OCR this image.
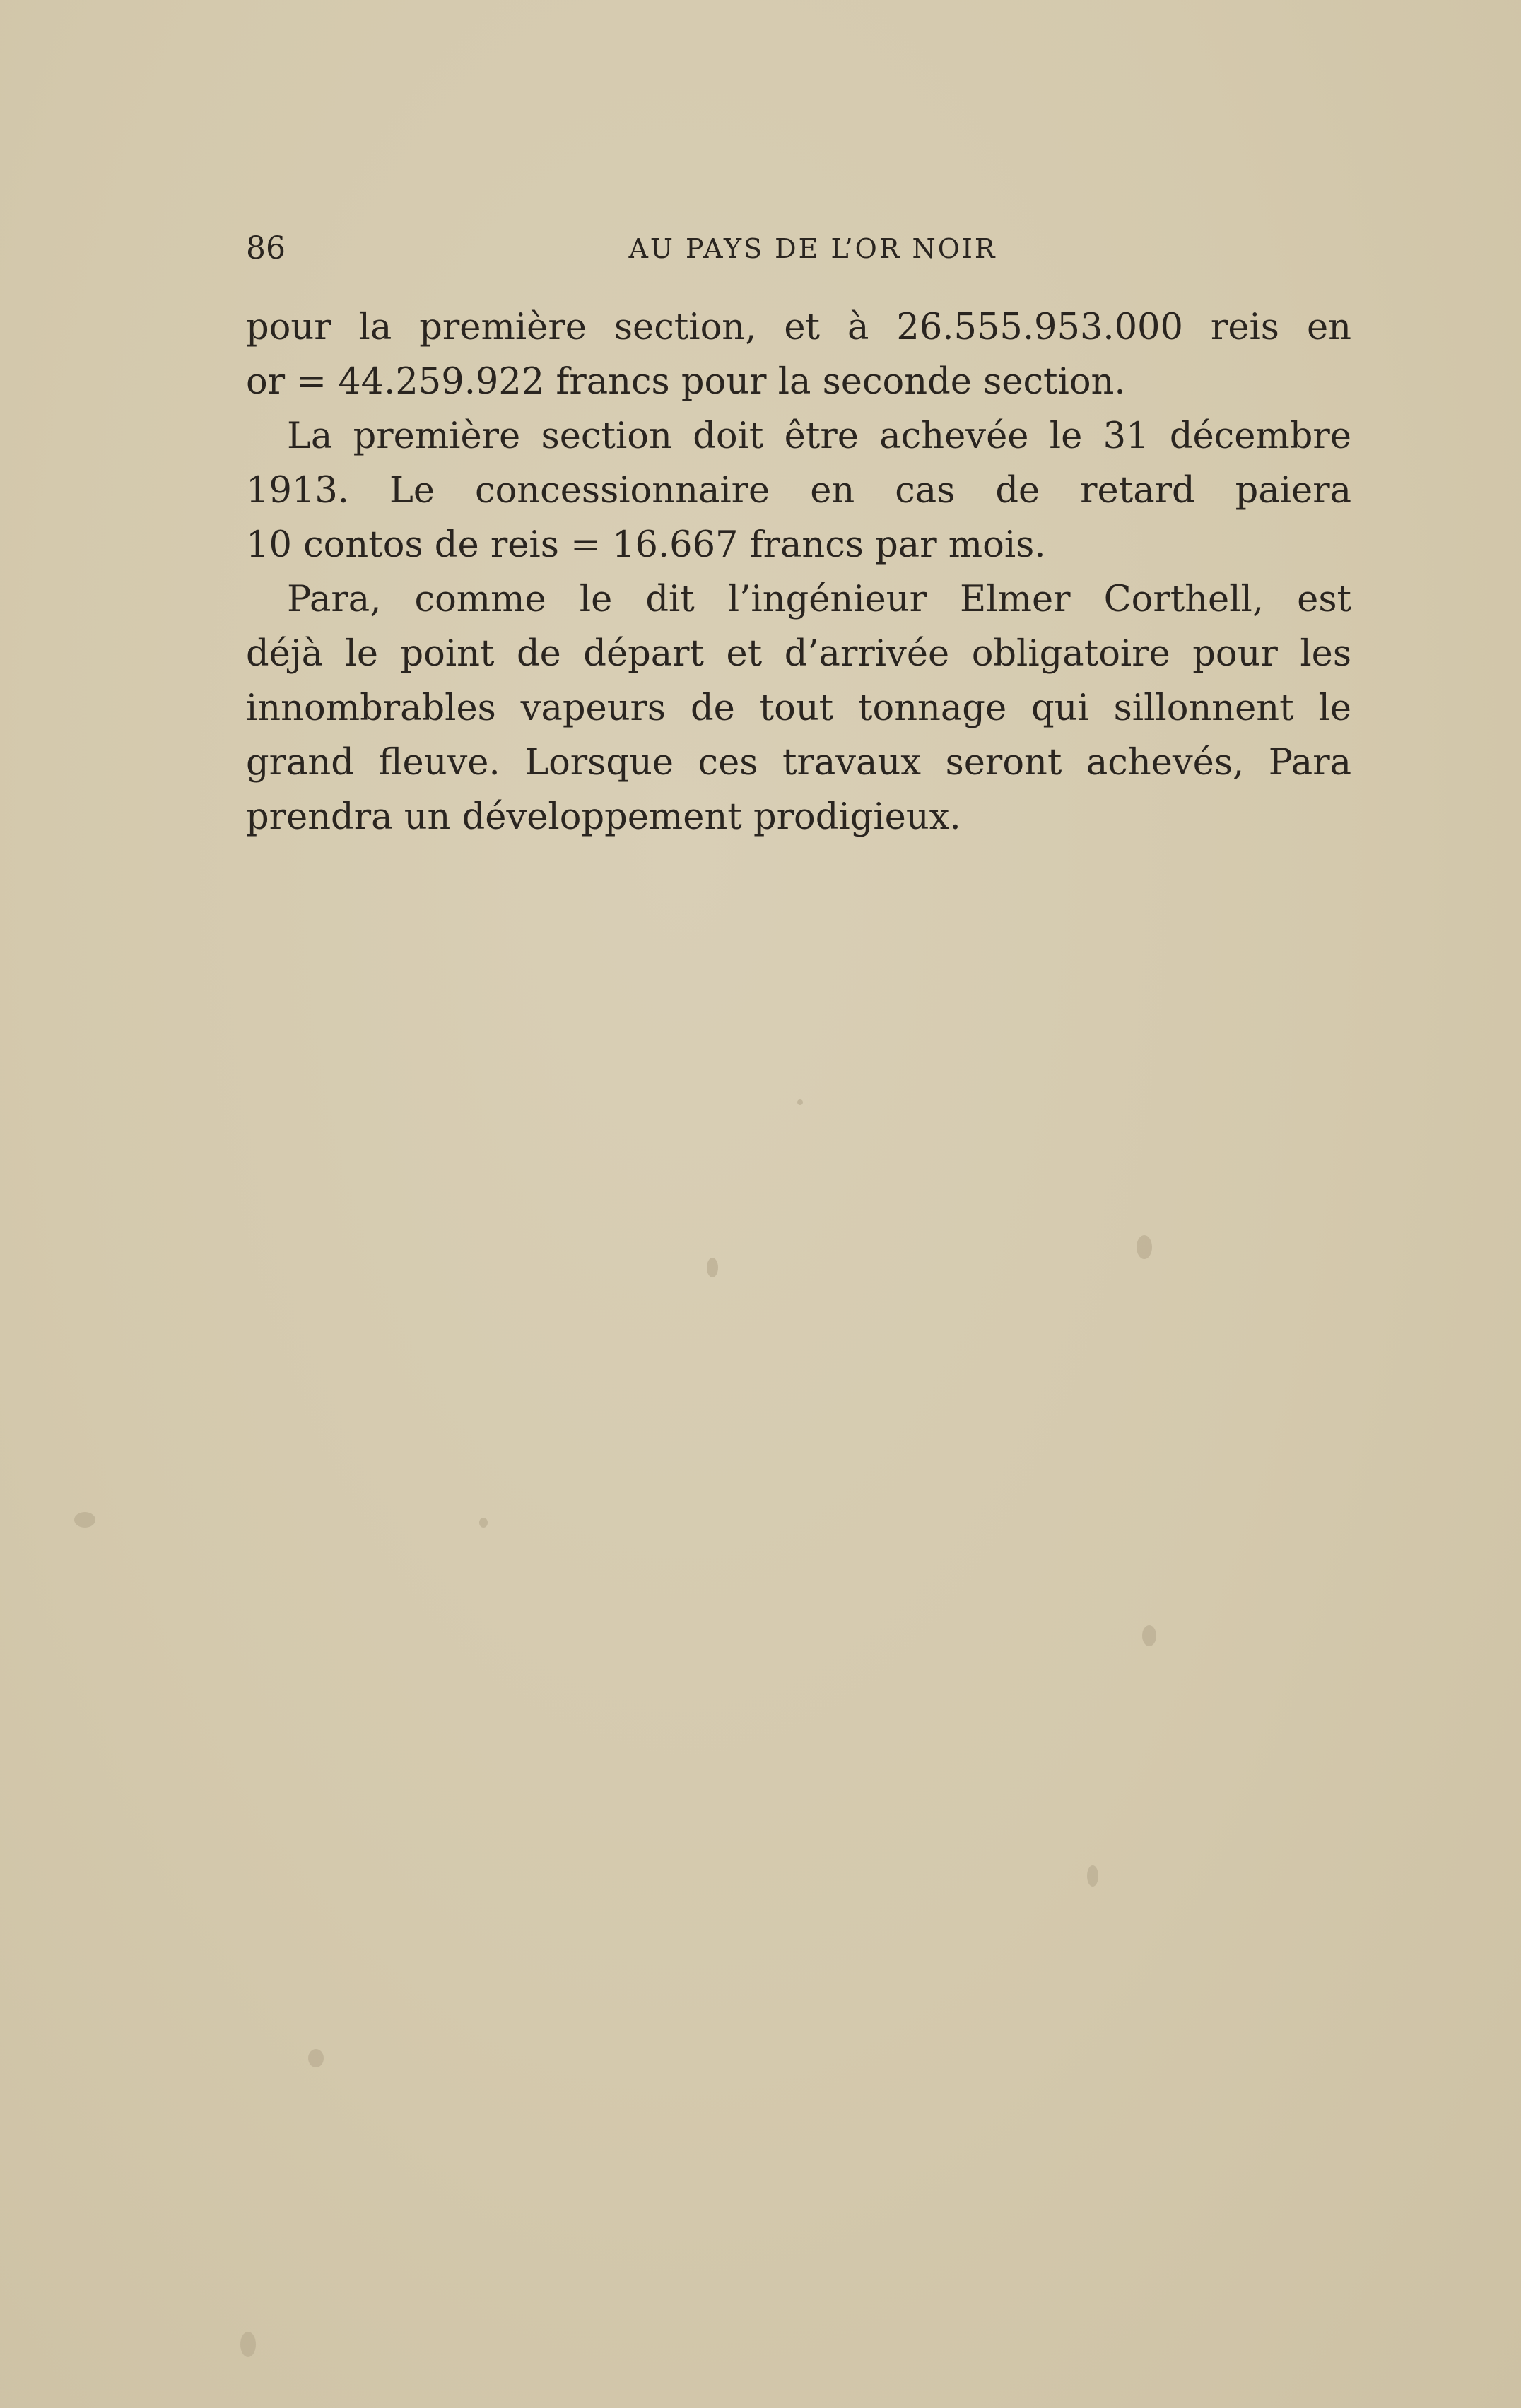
86	AU PAYS DE L’OR NOIR
pour la première section, et à 26.555.953.000 reis en
or = 44.259.922 francs pour la seconde section.
La première section doit être achevée le 31 décembre
1913. Le concessionnaire en cas de retard paiera
10 contos de reis = 16.667 francs par mois.
Para, comme le dit l’ingénieur Elmer Corthell, est
déjà le point de départ et d’arrivée obligatoire pour les
innombrables vapeurs de tout tonnage qui sillonnent le
grand fleuve. Lorsque ces travaux seront achevés, Para
prendra un développement prodigieux.
